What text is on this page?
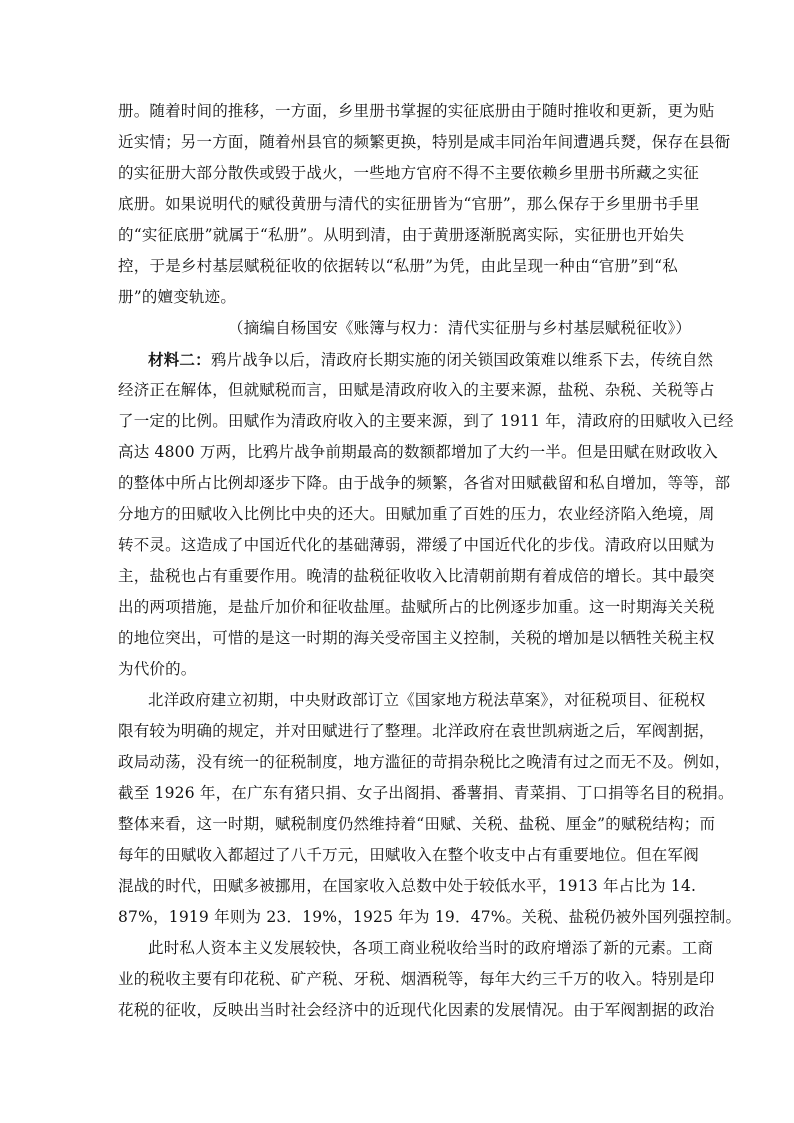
册。随着时间的推移，一方面，乡里册书掌握的实征底册由于随时推收和更新，更为贴
近实情；另一方面，随着州县官的频繁更换，特别是咸丰同治年间遭遇兵燹，保存在县衙
的实征册大部分散佚或毁于战火，一些地方官府不得不主要依赖乡里册书所藏之实征
底册。如果说明代的赋役黄册与清代的实征册皆为“官册”，那么保存于乡里册书手里
的“实征底册”就属于“私册”。从明到清，由于黄册逐渐脱离实际，实征册也开始失
控，于是乡村基层赋税征收的依据转以“私册”为凭，由此呈现一种由“官册”到“私
册”的嬗变轨迹。
（摘编自杨国安《账簿与权力：清代实征册与乡村基层赋税征收》）
材料二：鸦片战争以后，清政府长期实施的闭关锁国政策难以维系下去，传统自然
经济正在解体，但就赋税而言，田赋是清政府收入的主要来源，盐税、杂税、关税等占
了一定的比例。田赋作为清政府收入的主要来源，到了 1911 年，清政府的田赋收入已经
高达 4800 万两，比鸦片战争前期最高的数额都增加了大约一半。但是田赋在财政收入
的整体中所占比例却逐步下降。由于战争的频繁，各省对田赋截留和私自增加，等等，部
分地方的田赋收入比例比中央的还大。田赋加重了百姓的压力，农业经济陷入绝境，周
转不灵。这造成了中国近代化的基础薄弱，滞缓了中国近代化的步伐。清政府以田赋为
主，盐税也占有重要作用。晚清的盐税征收收入比清朝前期有着成倍的增长。其中最突
出的两项措施，是盐斤加价和征收盐厘。盐赋所占的比例逐步加重。这一时期海关关税
的地位突出，可惜的是这一时期的海关受帝国主义控制，关税的增加是以牺牲关税主权
为代价的。
北洋政府建立初期，中央财政部订立《国家地方税法草案》，对征税项目、征税权
限有较为明确的规定，并对田赋进行了整理。北洋政府在袁世凯病逝之后，军阀割据，
政局动荡，没有统一的征税制度，地方滥征的苛捐杂税比之晚清有过之而无不及。例如，
截至 1926 年，在广东有猪只捐、女子出阁捐、番薯捐、青菜捐、丁口捐等名目的税捐。
整体来看，这一时期，赋税制度仍然维持着“田赋、关税、盐税、厘金”的赋税结构；而
每年的田赋收入都超过了八千万元，田赋收入在整个收支中占有重要地位。但在军阀
混战的时代，田赋多被挪用，在国家收入总数中处于较低水平，1913 年占比为 14.
87%，1919 年则为 23．19%，1925 年为 19．47%。关税、盐税仍被外国列强控制。
此时私人资本主义发展较快，各项工商业税收给当时的政府增添了新的元素。工商
业的税收主要有印花税、矿产税、牙税、烟酒税等，每年大约三千万的收入。特别是印
花税的征收，反映出当时社会经济中的近现代化因素的发展情况。由于军阀割据的政治
